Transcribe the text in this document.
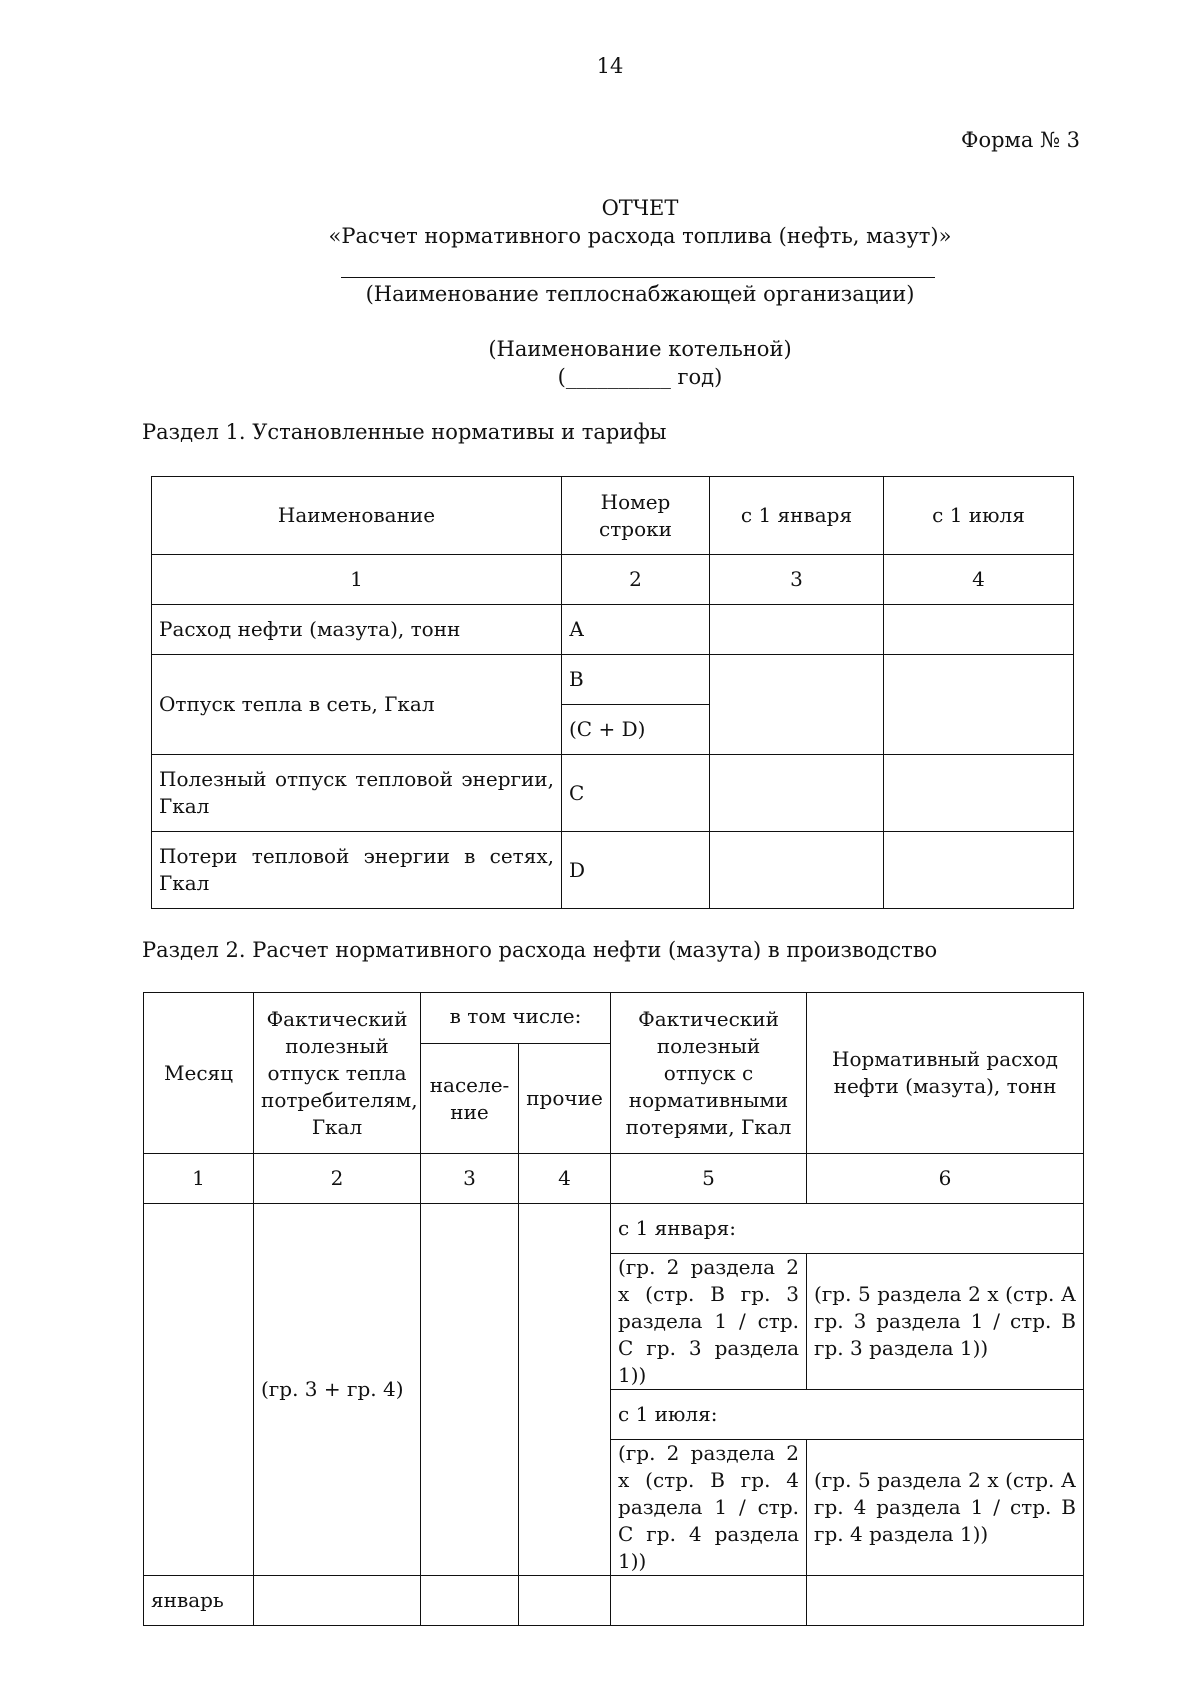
14
Форма № 3
ОТЧЕТ
«Расчет нормативного расхода топлива (нефть, мазут)»
(Наименование теплоснабжающей организации)
(Наименование котельной)
(__________ год)
Раздел 1. Установленные нормативы и тарифы
Наименование	Номер строки	с 1 января	с 1 июля
1	2	3	4
Расход нефти (мазута), тонн	А		
Отпуск тепла в сеть, Гкал	В		
	(С + D)		
Полезный отпуск тепловой энергии, Гкал	С		
Потери тепловой энергии в сетях, Гкал	D		
Раздел 2. Расчет нормативного расхода нефти (мазута) в производство
Месяц	Фактический полезный отпуск тепла потребителям, Гкал	в том числе:		Фактический полезный отпуск с нормативными потерями, Гкал	Нормативный расход нефти (мазута), тонн
		населе-ние	прочие		
1	2	3	4	5	6
	(гр. 3 + гр. 4)			с 1 января:	
				(гр. 2 раздела 2 х (стр. В гр. 3 раздела 1 / стр. С гр. 3 раздела 1))	(гр. 5 раздела 2 х (стр. А гр. 3 раздела 1 / стр. В гр. 3 раздела 1))
				с 1 июля:	
				(гр. 2 раздела 2 х (стр. В гр. 4 раздела 1 / стр. С гр. 4 раздела 1))	(гр. 5 раздела 2 х (стр. А гр. 4 раздела 1 / стр. В гр. 4 раздела 1))
январь					
